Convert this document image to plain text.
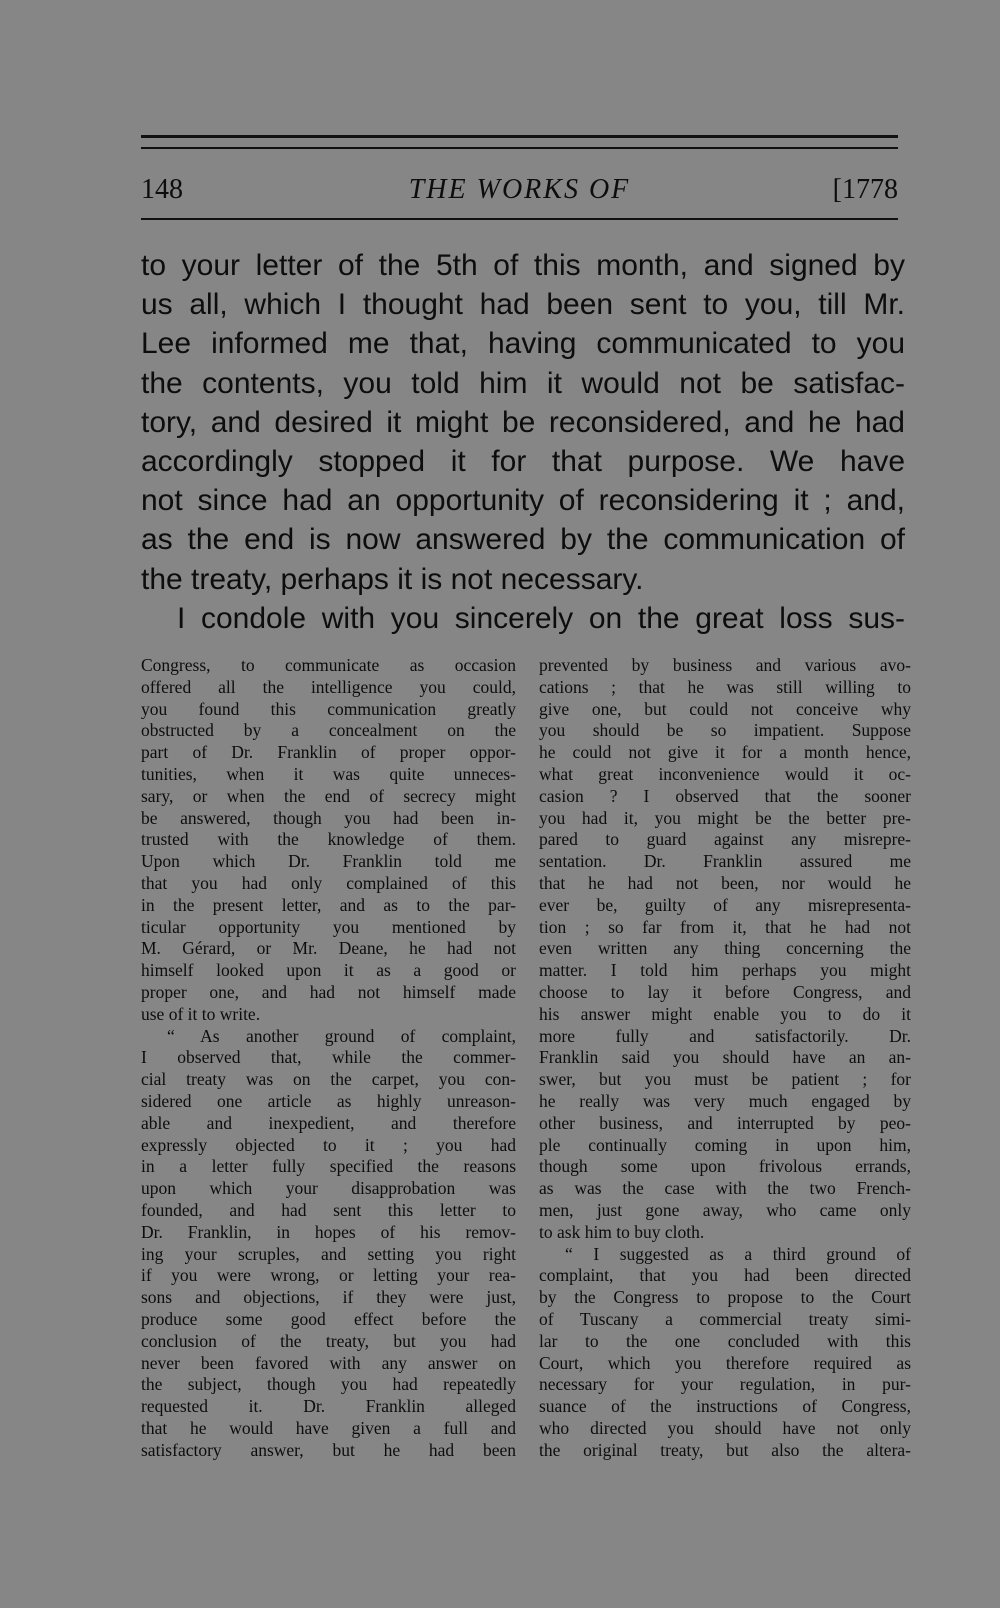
148	THE WORKS OF	[1778
to your letter of the 5th of this month, and signed by
us all, which I thought had been sent to you, till Mr.
Lee informed me that, having communicated to you
the contents, you told him it would not be satisfac-
tory, and desired it might be reconsidered, and he had
accordingly stopped it for that purpose. We have
not since had an opportunity of reconsidering it ; and,
as the end is now answered by the communication of
the treaty, perhaps it is not necessary.
I condole with you sincerely on the great loss sus-
Congress, to communicate as occasion
offered all the intelligence you could,
you found this communication greatly
obstructed by a concealment on the
part of Dr. Franklin of proper oppor-
tunities, when it was quite unneces-
sary, or when the end of secrecy might
be answered, though you had been in-
trusted with the knowledge of them.
Upon which Dr. Franklin told me
that you had only complained of this
in the present letter, and as to the par-
ticular opportunity you mentioned by
M. Gérard, or Mr. Deane, he had not
himself looked upon it as a good or
proper one, and had not himself made
use of it to write.
“ As another ground of complaint,
I observed that, while the commer-
cial treaty was on the carpet, you con-
sidered one article as highly unreason-
able and inexpedient, and therefore
expressly objected to it ; you had
in a letter fully specified the reasons
upon which your disapprobation was
founded, and had sent this letter to
Dr. Franklin, in hopes of his remov-
ing your scruples, and setting you right
if you were wrong, or letting your rea-
sons and objections, if they were just,
produce some good effect before the
conclusion of the treaty, but you had
never been favored with any answer on
the subject, though you had repeatedly
requested it. Dr. Franklin alleged
that he would have given a full and
satisfactory answer, but he had been
prevented by business and various avo-
cations ; that he was still willing to
give one, but could not conceive why
you should be so impatient. Suppose
he could not give it for a month hence,
what great inconvenience would it oc-
casion ? I observed that the sooner
you had it, you might be the better pre-
pared to guard against any misrepre-
sentation. Dr. Franklin assured me
that he had not been, nor would he
ever be, guilty of any misrepresenta-
tion ; so far from it, that he had not
even written any thing concerning the
matter. I told him perhaps you might
choose to lay it before Congress, and
his answer might enable you to do it
more fully and satisfactorily. Dr.
Franklin said you should have an an-
swer, but you must be patient ; for
he really was very much engaged by
other business, and interrupted by peo-
ple continually coming in upon him,
though some upon frivolous errands,
as was the case with the two French-
men, just gone away, who came only
to ask him to buy cloth.
“ I suggested as a third ground of
complaint, that you had been directed
by the Congress to propose to the Court
of Tuscany a commercial treaty simi-
lar to the one concluded with this
Court, which you therefore required as
necessary for your regulation, in pur-
suance of the instructions of Congress,
who directed you should have not only
the original treaty, but also the altera-
